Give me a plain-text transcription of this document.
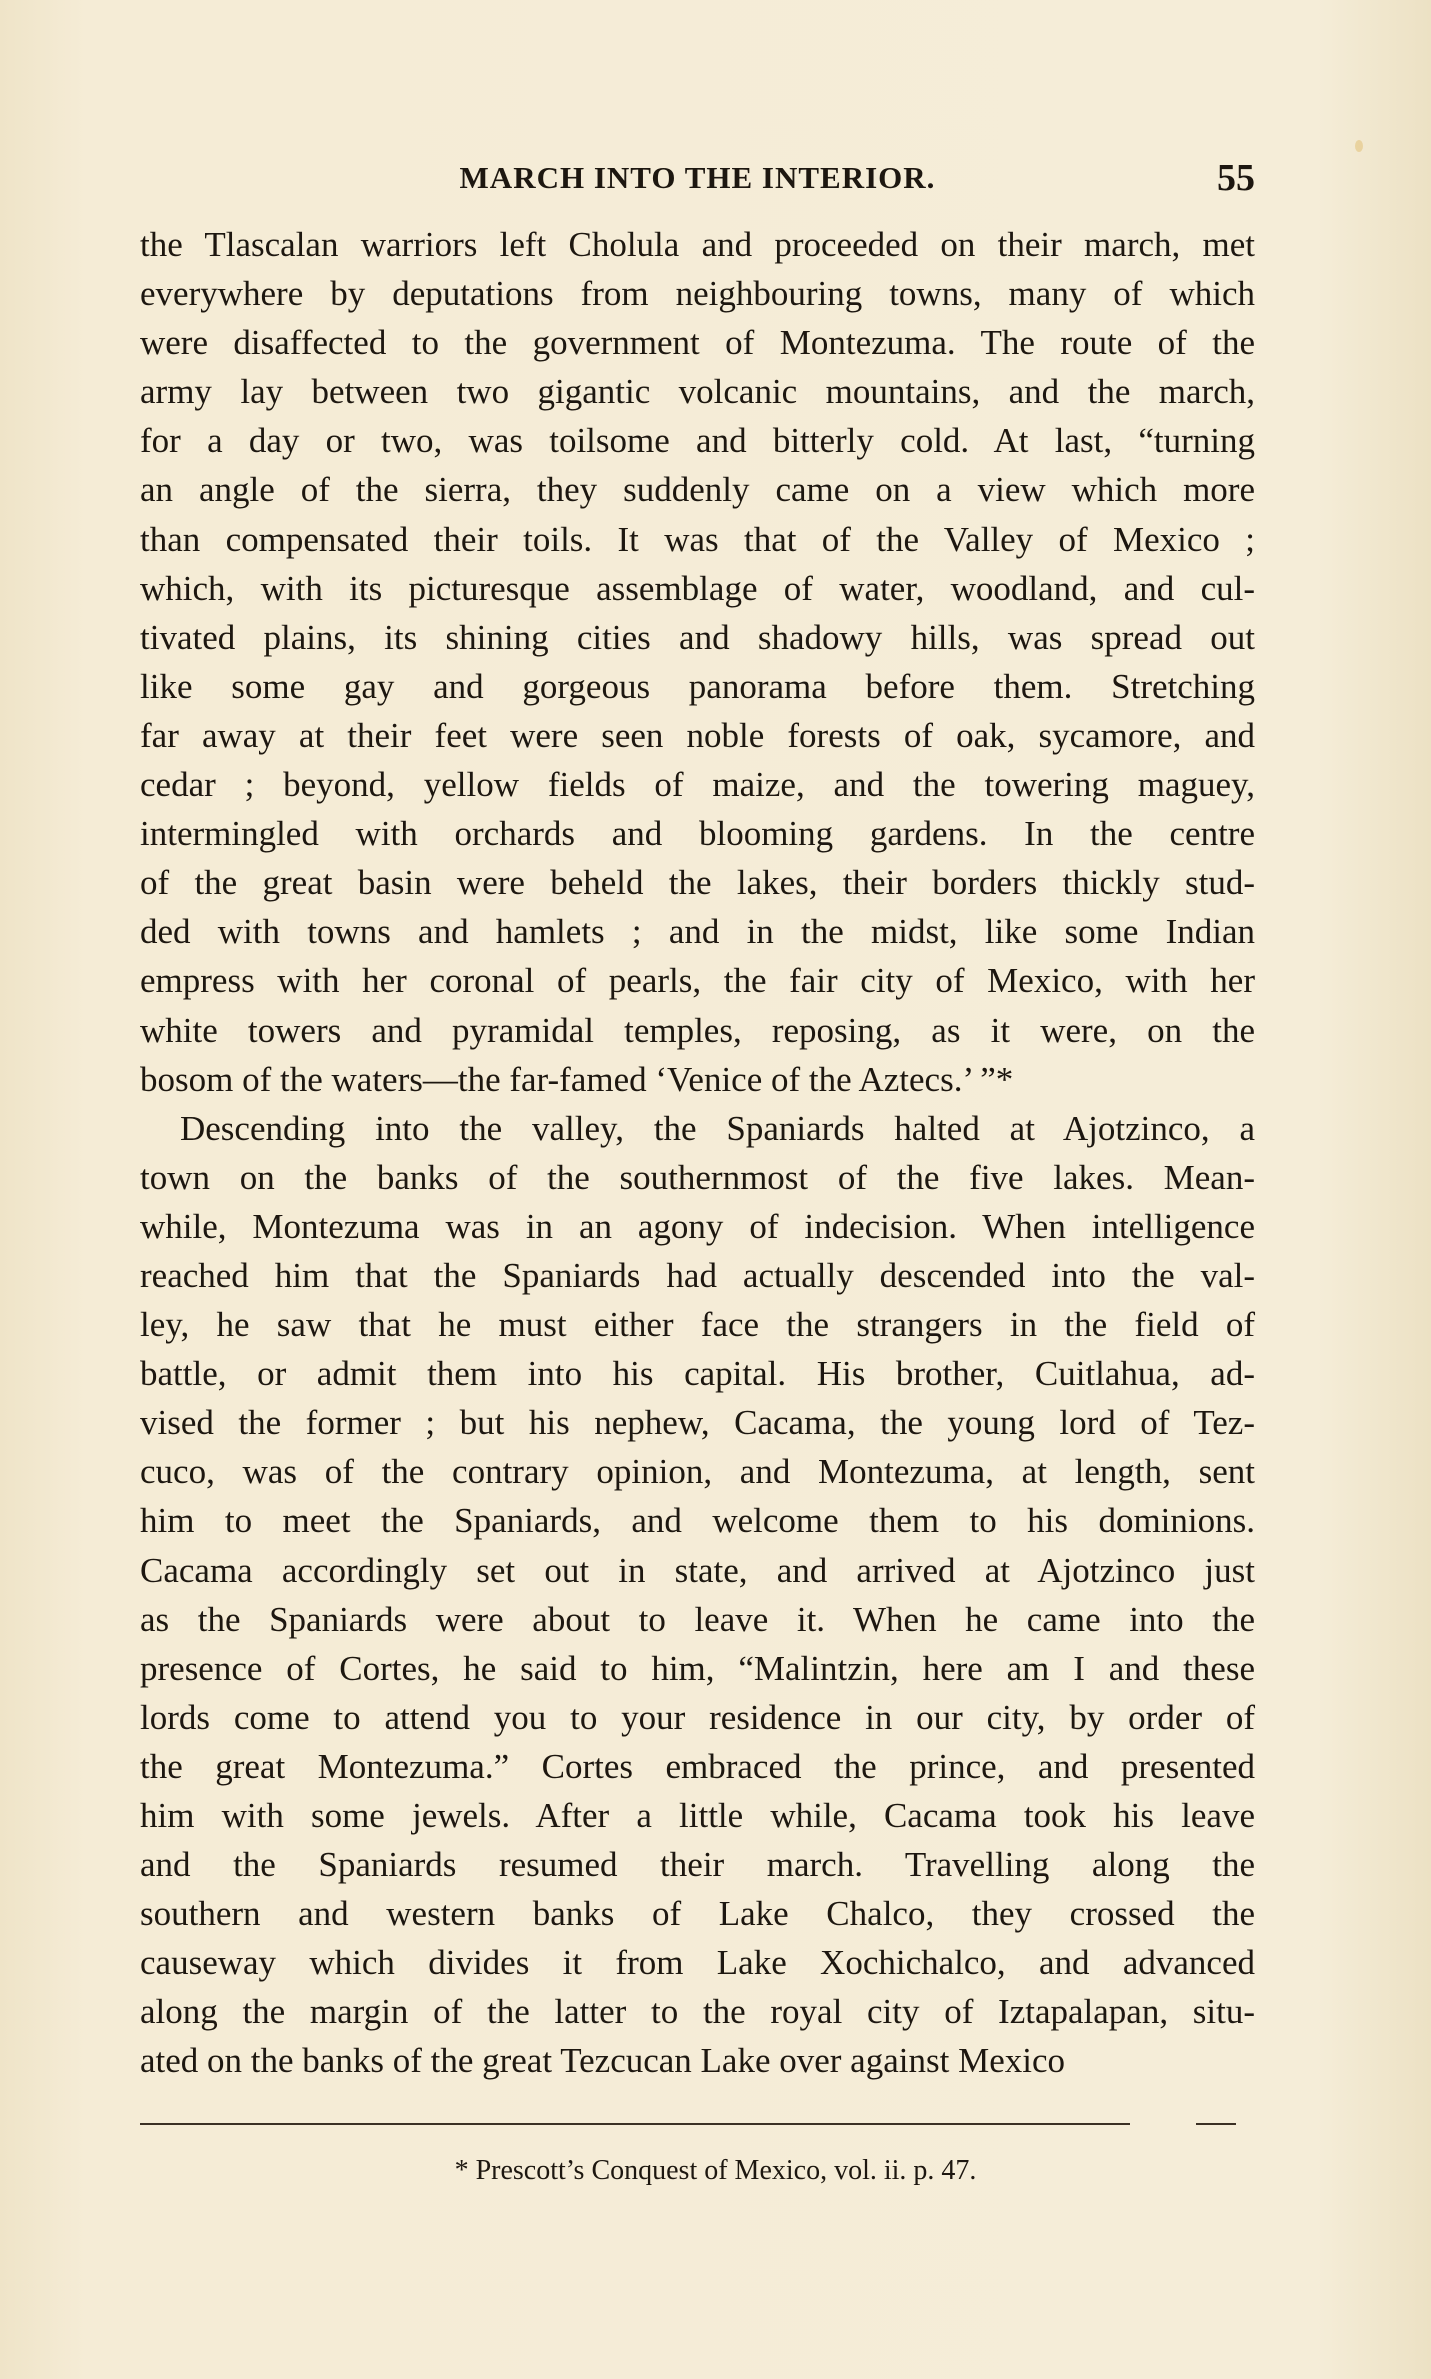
MARCH INTO THE INTERIOR.	55
the Tlascalan warriors left Cholula and proceeded on their march, met
everywhere by deputations from neighbouring towns, many of which
were disaffected to the government of Montezuma. The route of the
army lay between two gigantic volcanic mountains, and the march,
for a day or two, was toilsome and bitterly cold. At last, “turning
an angle of the sierra, they suddenly came on a view which more
than compensated their toils. It was that of the Valley of Mexico ;
which, with its picturesque assemblage of water, woodland, and cul-
tivated plains, its shining cities and shadowy hills, was spread out
like some gay and gorgeous panorama before them. Stretching
far away at their feet were seen noble forests of oak, sycamore, and
cedar ; beyond, yellow fields of maize, and the towering maguey,
intermingled with orchards and blooming gardens. In the centre
of the great basin were beheld the lakes, their borders thickly stud-
ded with towns and hamlets ; and in the midst, like some Indian
empress with her coronal of pearls, the fair city of Mexico, with her
white towers and pyramidal temples, reposing, as it were, on the
bosom of the waters—the far-famed ‘Venice of the Aztecs.’ ”*
Descending into the valley, the Spaniards halted at Ajotzinco, a
town on the banks of the southernmost of the five lakes. Mean-
while, Montezuma was in an agony of indecision. When intelligence
reached him that the Spaniards had actually descended into the val-
ley, he saw that he must either face the strangers in the field of
battle, or admit them into his capital. His brother, Cuitlahua, ad-
vised the former ; but his nephew, Cacama, the young lord of Tez-
cuco, was of the contrary opinion, and Montezuma, at length, sent
him to meet the Spaniards, and welcome them to his dominions.
Cacama accordingly set out in state, and arrived at Ajotzinco just
as the Spaniards were about to leave it. When he came into the
presence of Cortes, he said to him, “Malintzin, here am I and these
lords come to attend you to your residence in our city, by order of
the great Montezuma.” Cortes embraced the prince, and presented
him with some jewels. After a little while, Cacama took his leave
and the Spaniards resumed their march. Travelling along the
southern and western banks of Lake Chalco, they crossed the
causeway which divides it from Lake Xochichalco, and advanced
along the margin of the latter to the royal city of Iztapalapan, situ-
ated on the banks of the great Tezcucan Lake over against Mexico
* Prescott’s Conquest of Mexico, vol. ii. p. 47.
